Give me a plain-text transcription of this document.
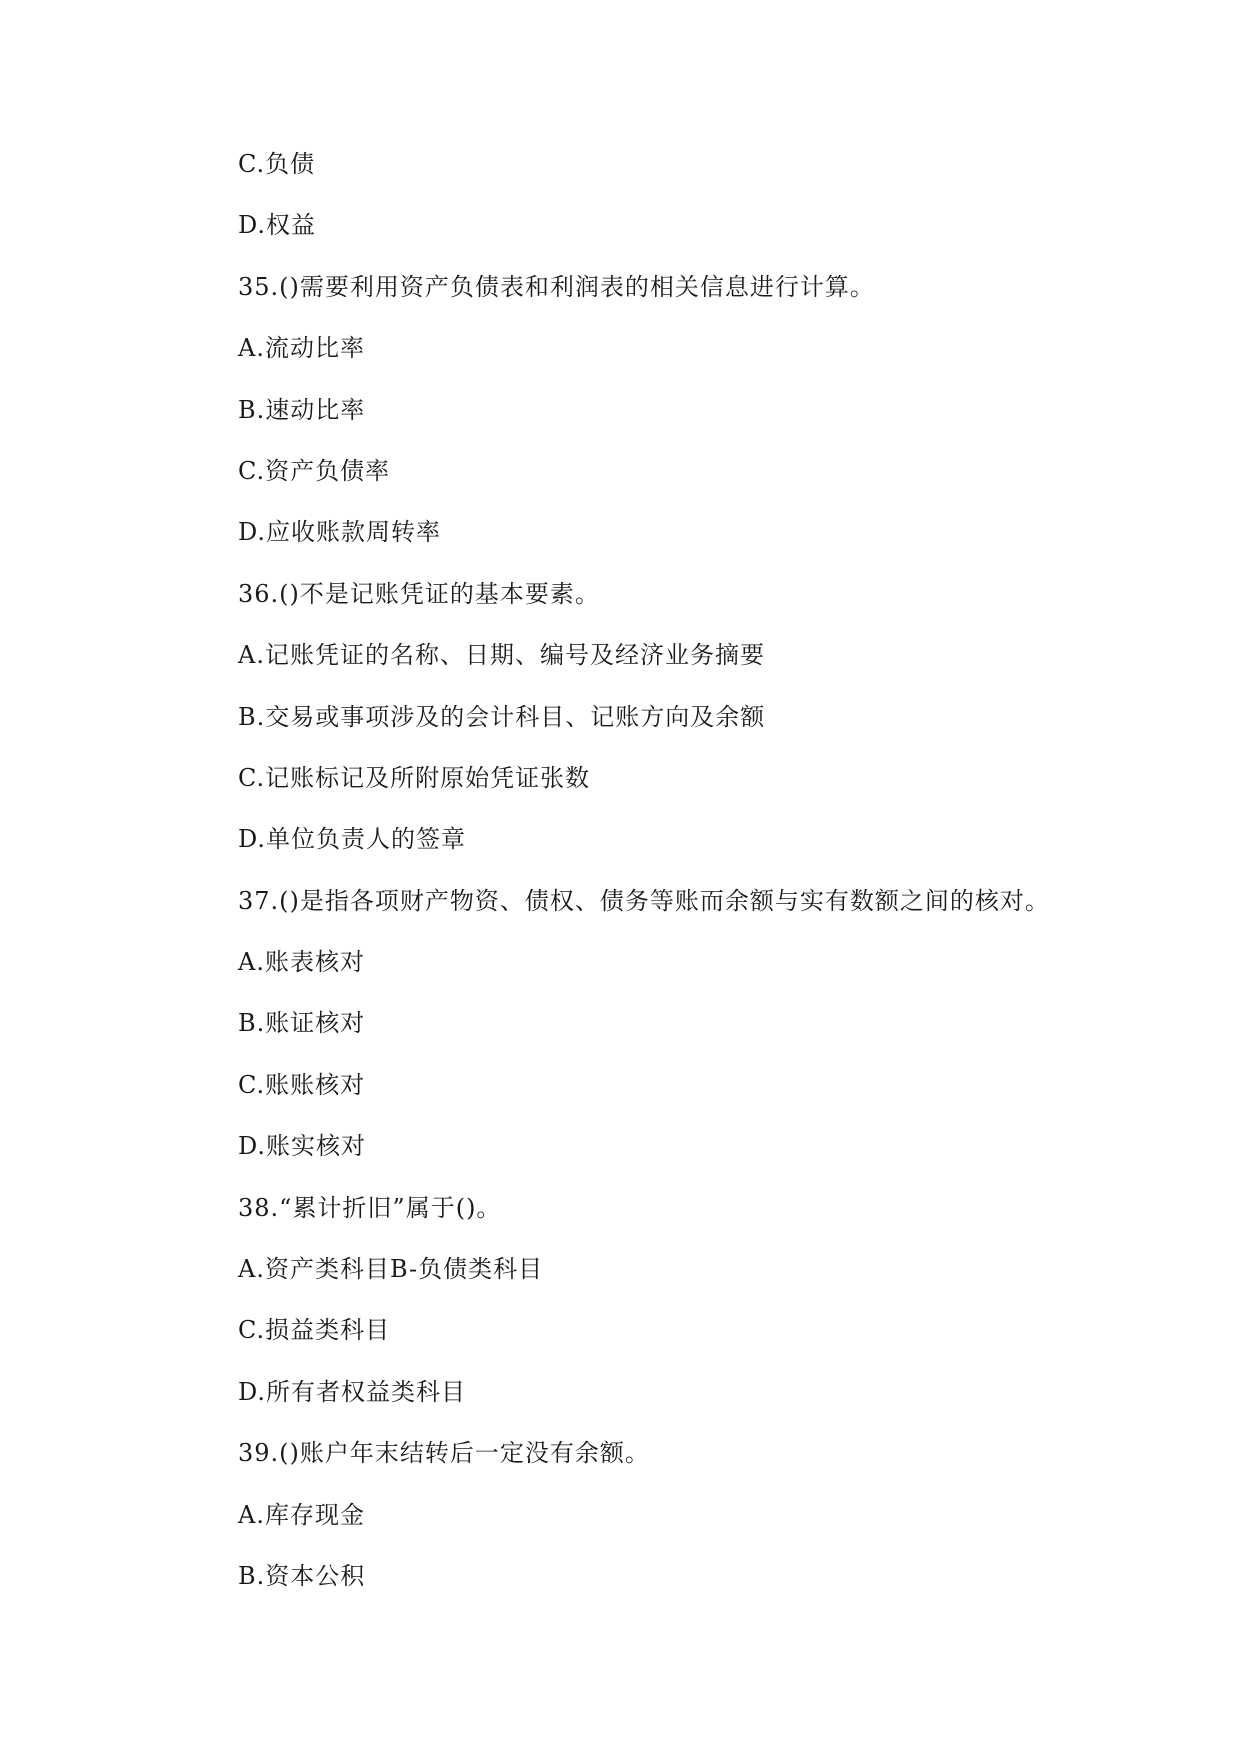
C.负债
D.权益
35.()需要利用资产负债表和利润表的相关信息进行计算。
A.流动比率
B.速动比率
C.资产负债率
D.应收账款周转率
36.()不是记账凭证的基本要素。
A.记账凭证的名称、日期、编号及经济业务摘要
B.交易或事项涉及的会计科目、记账方向及余额
C.记账标记及所附原始凭证张数
D.单位负责人的签章
37.()是指各项财产物资、债权、债务等账而余额与实有数额之间的核对。
A.账表核对
B.账证核对
C.账账核对
D.账实核对
38.“累计折旧”属于()。
A.资产类科目B-负债类科目
C.损益类科目
D.所有者权益类科目
39.()账户年末结转后一定没有余额。
A.库存现金
B.资本公积
